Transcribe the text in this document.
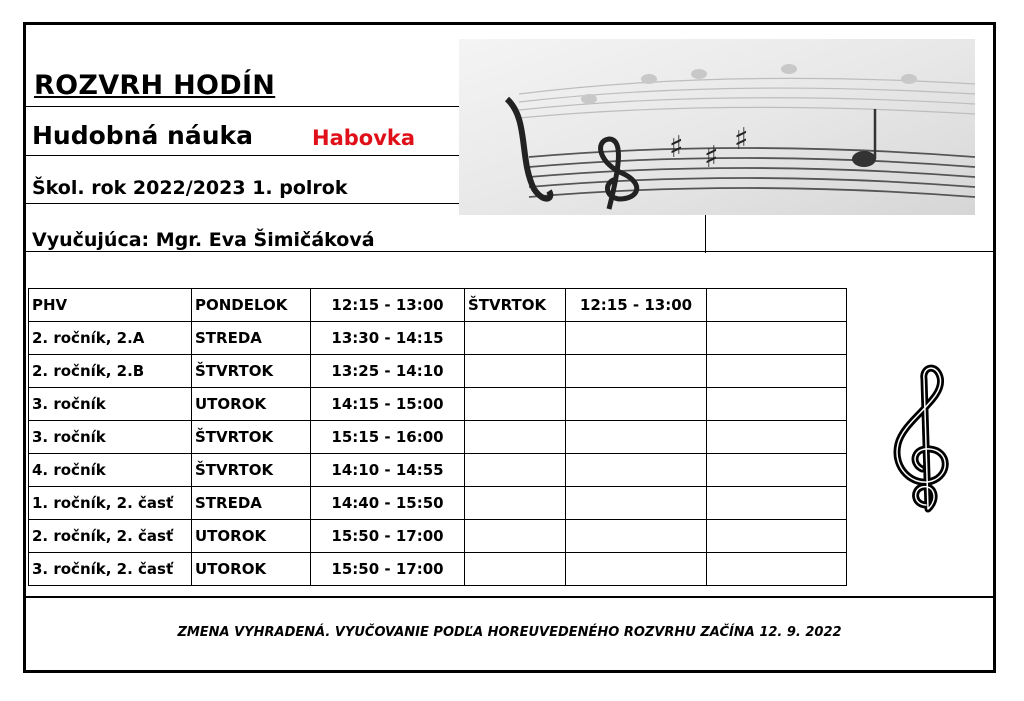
ROZVRH HODÍN
Hudobná náuka	Habovka
Škol. rok 2022/2023 1. polrok
♯ ♯
♯
Vyučujúca: Mgr. Eva Šimičáková
PHV	PONDELOK	12:15 - 13:00	ŠTVRTOK	12:15 - 13:00	
2. ročník, 2.A	STREDA	13:30 - 14:15			
2. ročník, 2.B	ŠTVRTOK	13:25 - 14:10			
3. ročník	UTOROK	14:15 - 15:00			
3. ročník	ŠTVRTOK	15:15 - 16:00			
4. ročník	ŠTVRTOK	14:10 - 14:55			
1. ročník, 2. časť	STREDA	14:40 - 15:50			
2. ročník, 2. časť	UTOROK	15:50 - 17:00			
3. ročník, 2. časť	UTOROK	15:50 - 17:00			
ZMENA VYHRADENÁ. VYUČOVANIE PODĽA HOREUVEDENÉHO ROZVRHU ZAČÍNA 12. 9. 2022
